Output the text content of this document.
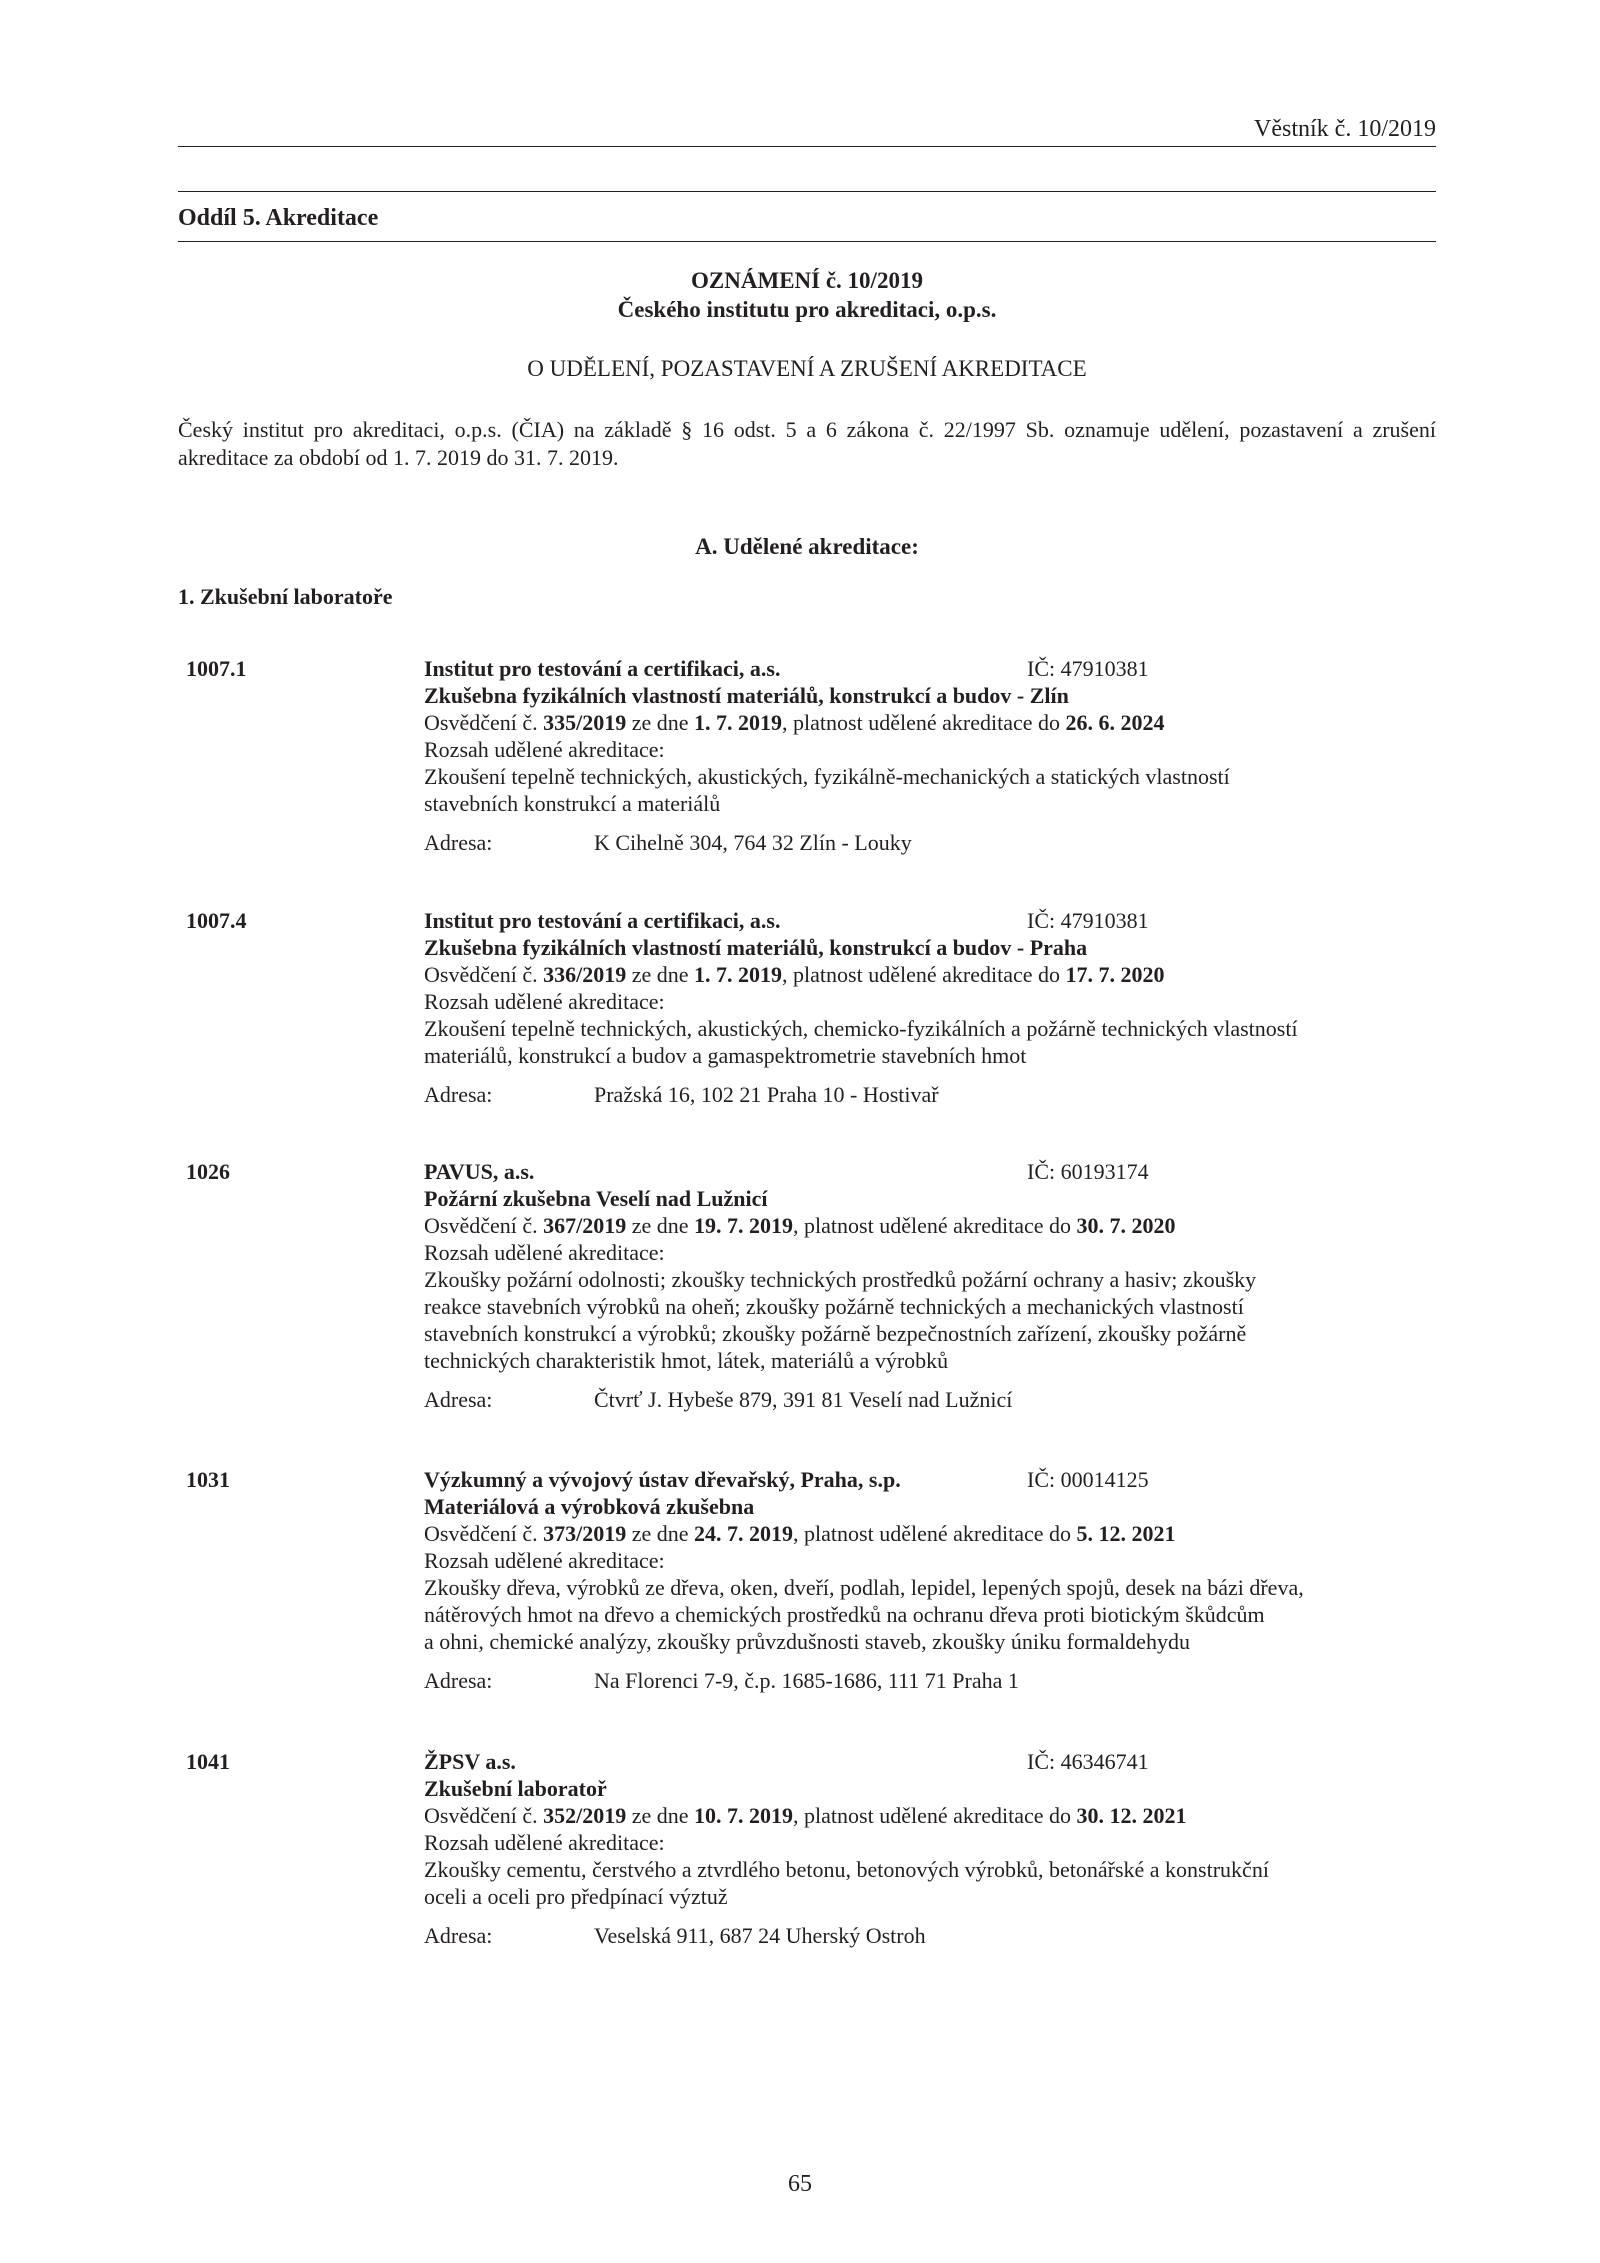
Věstník č. 10/2019
Oddíl 5. Akreditace
OZNÁMENÍ č. 10/2019
Českého institutu pro akreditaci, o.p.s.
O UDĚLENÍ, POZASTAVENÍ A ZRUŠENÍ AKREDITACE
Český institut pro akreditaci, o.p.s. (ČIA) na základě § 16 odst. 5 a 6 zákona č. 22/1997 Sb. oznamuje udělení, pozastavení a zrušení akreditace za období od 1. 7. 2019 do 31. 7. 2019.
A. Udělené akreditace:
1. Zkušební laboratoře
1007.1	Institut pro testování a certifikaci, a.s.	IČ: 47910381
Zkušebna fyzikálních vlastností materiálů, konstrukcí a budov - Zlín
Osvědčení č. 335/2019 ze dne 1. 7. 2019, platnost udělené akreditace do 26. 6. 2024
Rozsah udělené akreditace:
Zkoušení tepelně technických, akustických, fyzikálně-mechanických a statických vlastností
stavebních konstrukcí a materiálů
Adresa:	K Cihelně 304, 764 32 Zlín - Louky
1007.4	Institut pro testování a certifikaci, a.s.	IČ: 47910381
Zkušebna fyzikálních vlastností materiálů, konstrukcí a budov - Praha
Osvědčení č. 336/2019 ze dne 1. 7. 2019, platnost udělené akreditace do 17. 7. 2020
Rozsah udělené akreditace:
Zkoušení tepelně technických, akustických, chemicko-fyzikálních a požárně technických vlastností
materiálů, konstrukcí a budov a gamaspektrometrie stavebních hmot
Adresa:	Pražská 16, 102 21 Praha 10 - Hostivař
1026	PAVUS, a.s.	IČ: 60193174
Požární zkušebna Veselí nad Lužnicí
Osvědčení č. 367/2019 ze dne 19. 7. 2019, platnost udělené akreditace do 30. 7. 2020
Rozsah udělené akreditace:
Zkoušky požární odolnosti; zkoušky technických prostředků požární ochrany a hasiv; zkoušky
reakce stavebních výrobků na oheň; zkoušky požárně technických a mechanických vlastností
stavebních konstrukcí a výrobků; zkoušky požárně bezpečnostních zařízení, zkoušky požárně
technických charakteristik hmot, látek, materiálů a výrobků
Adresa:	Čtvrť J. Hybeše 879, 391 81 Veselí nad Lužnicí
1031	Výzkumný a vývojový ústav dřevařský, Praha, s.p.	IČ: 00014125
Materiálová a výrobková zkušebna
Osvědčení č. 373/2019 ze dne 24. 7. 2019, platnost udělené akreditace do 5. 12. 2021
Rozsah udělené akreditace:
Zkoušky dřeva, výrobků ze dřeva, oken, dveří, podlah, lepidel, lepených spojů, desek na bázi dřeva,
nátěrových hmot na dřevo a chemických prostředků na ochranu dřeva proti biotickým škůdcům
a ohni, chemické analýzy, zkoušky průvzdušnosti staveb, zkoušky úniku formaldehydu
Adresa:	Na Florenci 7-9, č.p. 1685-1686, 111 71 Praha 1
1041	ŽPSV a.s.	IČ: 46346741
Zkušební laboratoř
Osvědčení č. 352/2019 ze dne 10. 7. 2019, platnost udělené akreditace do 30. 12. 2021
Rozsah udělené akreditace:
Zkoušky cementu, čerstvého a ztvrdlého betonu, betonových výrobků, betonářské a konstrukční
oceli a oceli pro předpínací výztuž
Adresa:	Veselská 911, 687 24 Uherský Ostroh
65
